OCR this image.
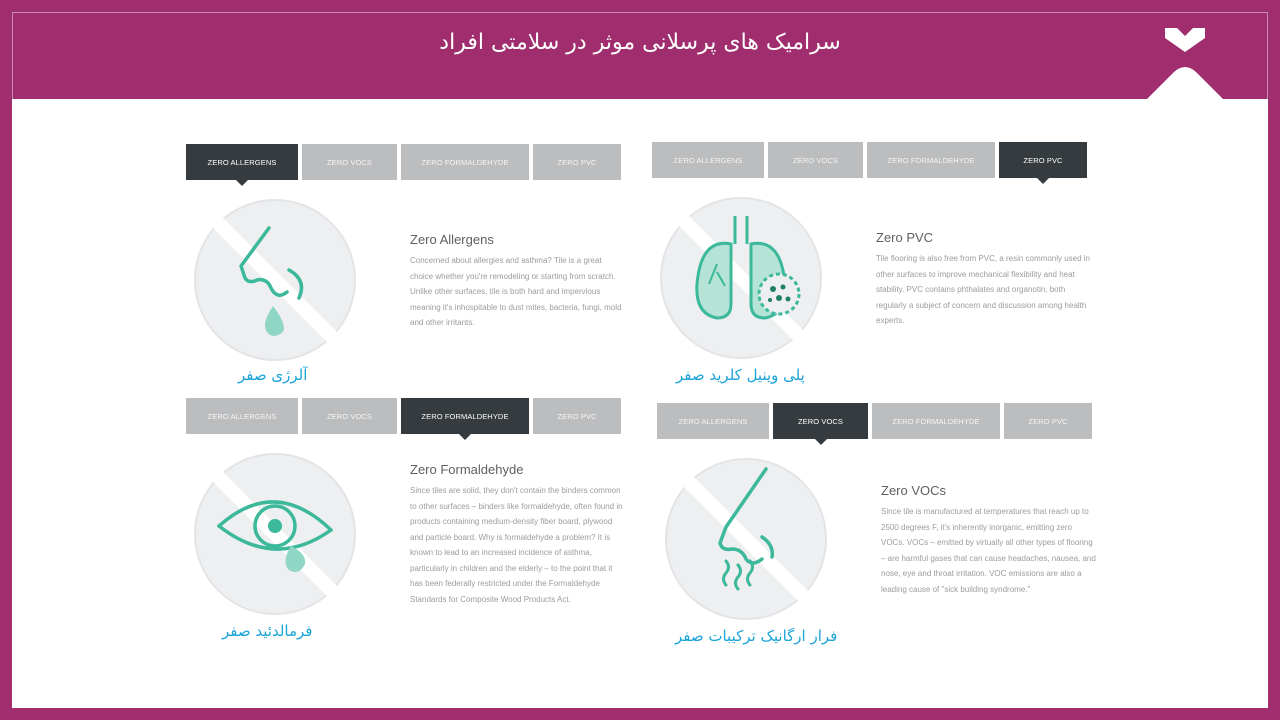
سرامیک های پرسلانی موثر در سلامتی افراد
ZERO ALLERGENS	ZERO VOCS	ZERO FORMALDEHYDE	ZERO PVC
Zero Allergens
Concerned about allergies and asthma? Tile is a great choice whether you're remodeling or starting from scratch. Unlike other surfaces, tile is both hard and impervious meaning it's inhospitable to dust mites, bacteria, fungi, mold and other irritants.
آلرژی صفر
ZERO ALLERGENS	ZERO VOCS	ZERO FORMALDEHYDE	ZERO PVC
Zero PVC
Tile flooring is also free from PVC, a resin commonly used in other surfaces to improve mechanical flexibility and heat stability. PVC contains phthalates and organotin, both regularly a subject of concern and discussion among health experts.
پلی وینیل کلرید صفر
ZERO ALLERGENS	ZERO VOCS	ZERO FORMALDEHYDE	ZERO PVC
Zero Formaldehyde
Since tiles are solid, they don't contain the binders common to other surfaces – binders like formaldehyde, often found in products containing medium-density fiber board, plywood and particle board. Why is formaldehyde a problem? It is known to lead to an increased incidence of asthma, particularly in children and the elderly – to the point that it has been federally restricted under the Formaldehyde Standards for Composite Wood Products Act.
فرمالدئید صفر
ZERO ALLERGENS	ZERO VOCS	ZERO FORMALDEHYDE	ZERO PVC
Zero VOCs
Since tile is manufactured at temperatures that reach up to 2500 degrees F, it's inherently inorganic, emitting zero VOCs. VOCs – emitted by virtually all other types of flooring – are harmful gases that can cause headaches, nausea, and nose, eye and throat irritation. VOC emissions are also a leading cause of "sick building syndrome."
فرار ارگانیک ترکیبات صفر
